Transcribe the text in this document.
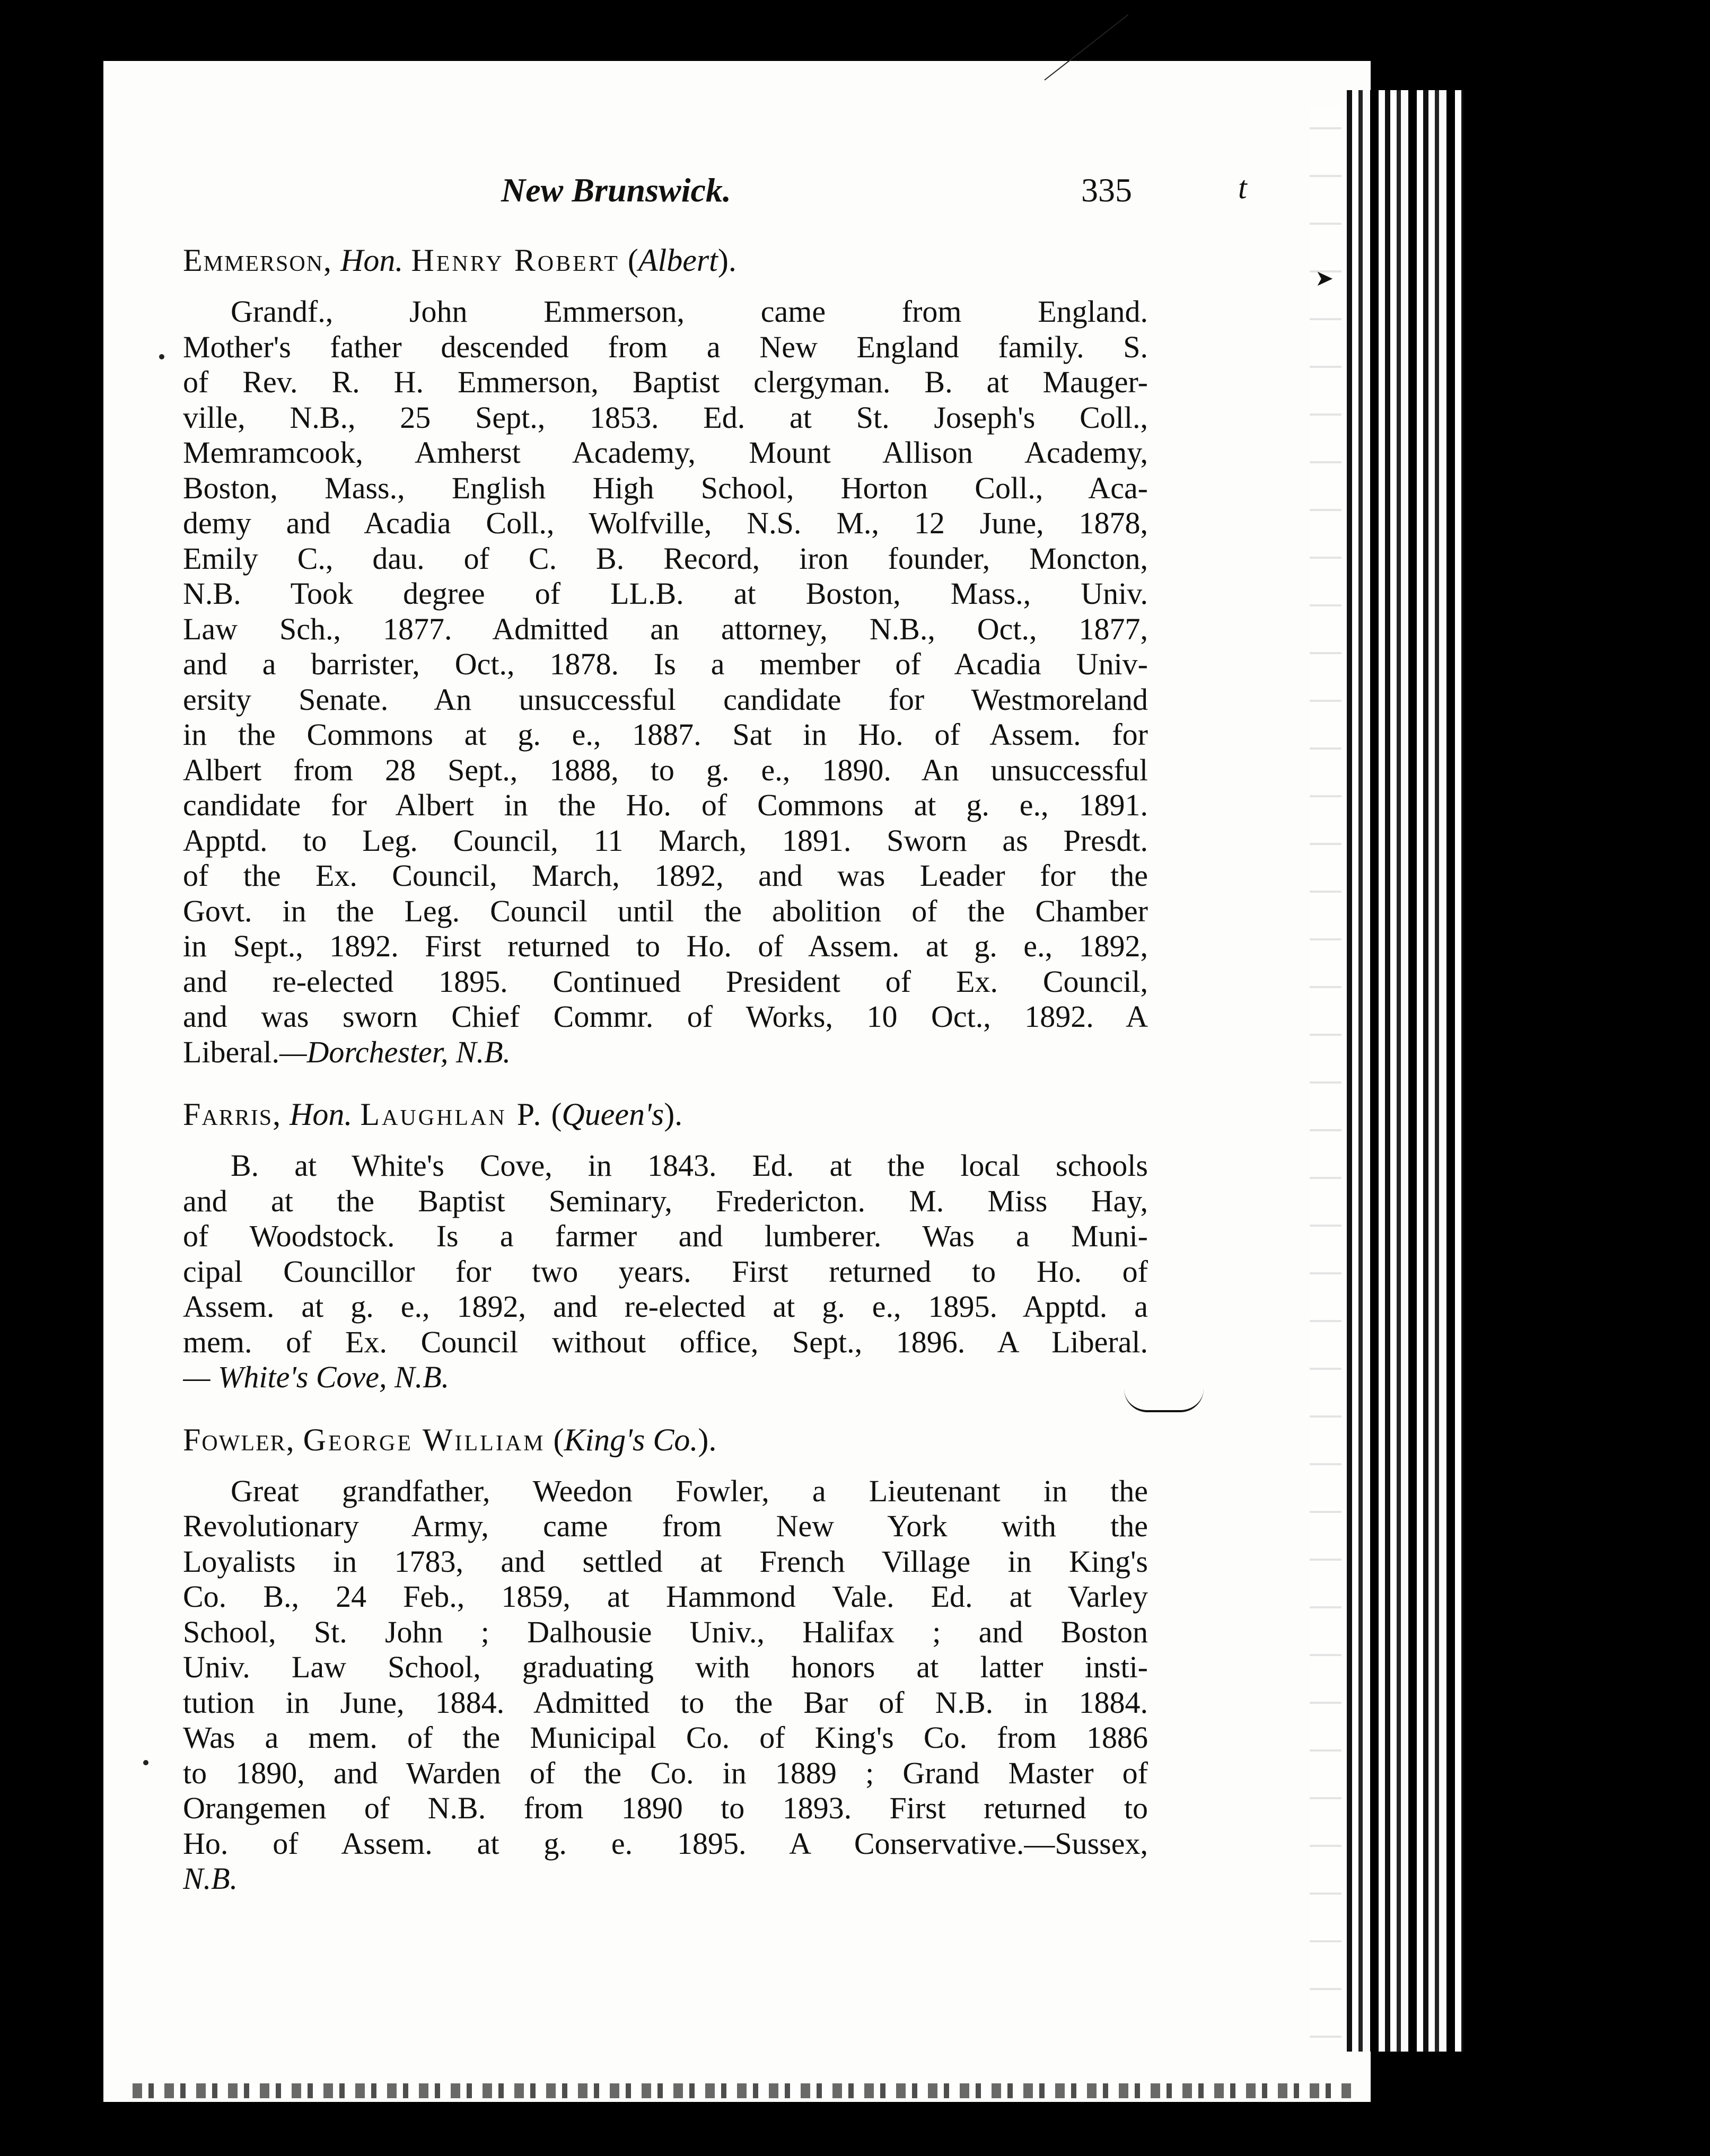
t
➤
New Brunswick.	335

Emmerson, Hon. Henry Robert (Albert).

Grandf., John Emmerson, came from England.
Mother's father descended from a New England family. S.
of Rev. R. H. Emmerson, Baptist clergyman. B. at Mauger-
ville, N.B., 25 Sept., 1853. Ed. at St. Joseph's Coll.,
Memramcook, Amherst Academy, Mount Allison Academy,
Boston, Mass., English High School, Horton Coll., Aca-
demy and Acadia Coll., Wolfville, N.S. M., 12 June, 1878,
Emily C., dau. of C. B. Record, iron founder, Moncton,
N.B. Took degree of LL.B. at Boston, Mass., Univ.
Law Sch., 1877. Admitted an attorney, N.B., Oct., 1877,
and a barrister, Oct., 1878. Is a member of Acadia Univ-
ersity Senate. An unsuccessful candidate for Westmoreland
in the Commons at g. e., 1887. Sat in Ho. of Assem. for
Albert from 28 Sept., 1888, to g. e., 1890. An unsuccessful
candidate for Albert in the Ho. of Commons at g. e., 1891.
Apptd. to Leg. Council, 11 March, 1891. Sworn as Presdt.
of the Ex. Council, March, 1892, and was Leader for the
Govt. in the Leg. Council until the abolition of the Chamber
in Sept., 1892. First returned to Ho. of Assem. at g. e., 1892,
and re-elected 1895. Continued President of Ex. Council,
and was sworn Chief Commr. of Works, 10 Oct., 1892. A
Liberal.—Dorchester, N.B.

Farris, Hon. Laughlan P. (Queen's).

B. at White's Cove, in 1843. Ed. at the local schools
and at the Baptist Seminary, Fredericton. M. Miss Hay,
of Woodstock. Is a farmer and lumberer. Was a Muni-
cipal Councillor for two years. First returned to Ho. of
Assem. at g. e., 1892, and re-elected at g. e., 1895. Apptd. a
mem. of Ex. Council without office, Sept., 1896. A Liberal.
— White's Cove, N.B.

Fowler, George William (King's Co.).

Great grandfather, Weedon Fowler, a Lieutenant in the
Revolutionary Army, came from New York with the
Loyalists in 1783, and settled at French Village in King's
Co. B., 24 Feb., 1859, at Hammond Vale. Ed. at Varley
School, St. John ; Dalhousie Univ., Halifax ; and Boston
Univ. Law School, graduating with honors at latter insti-
tution in June, 1884. Admitted to the Bar of N.B. in 1884.
Was a mem. of the Municipal Co. of King's Co. from 1886
to 1890, and Warden of the Co. in 1889 ; Grand Master of
Orangemen of N.B. from 1890 to 1893. First returned to
Ho. of Assem. at g. e. 1895. A Conservative.—Sussex,
N.B.
